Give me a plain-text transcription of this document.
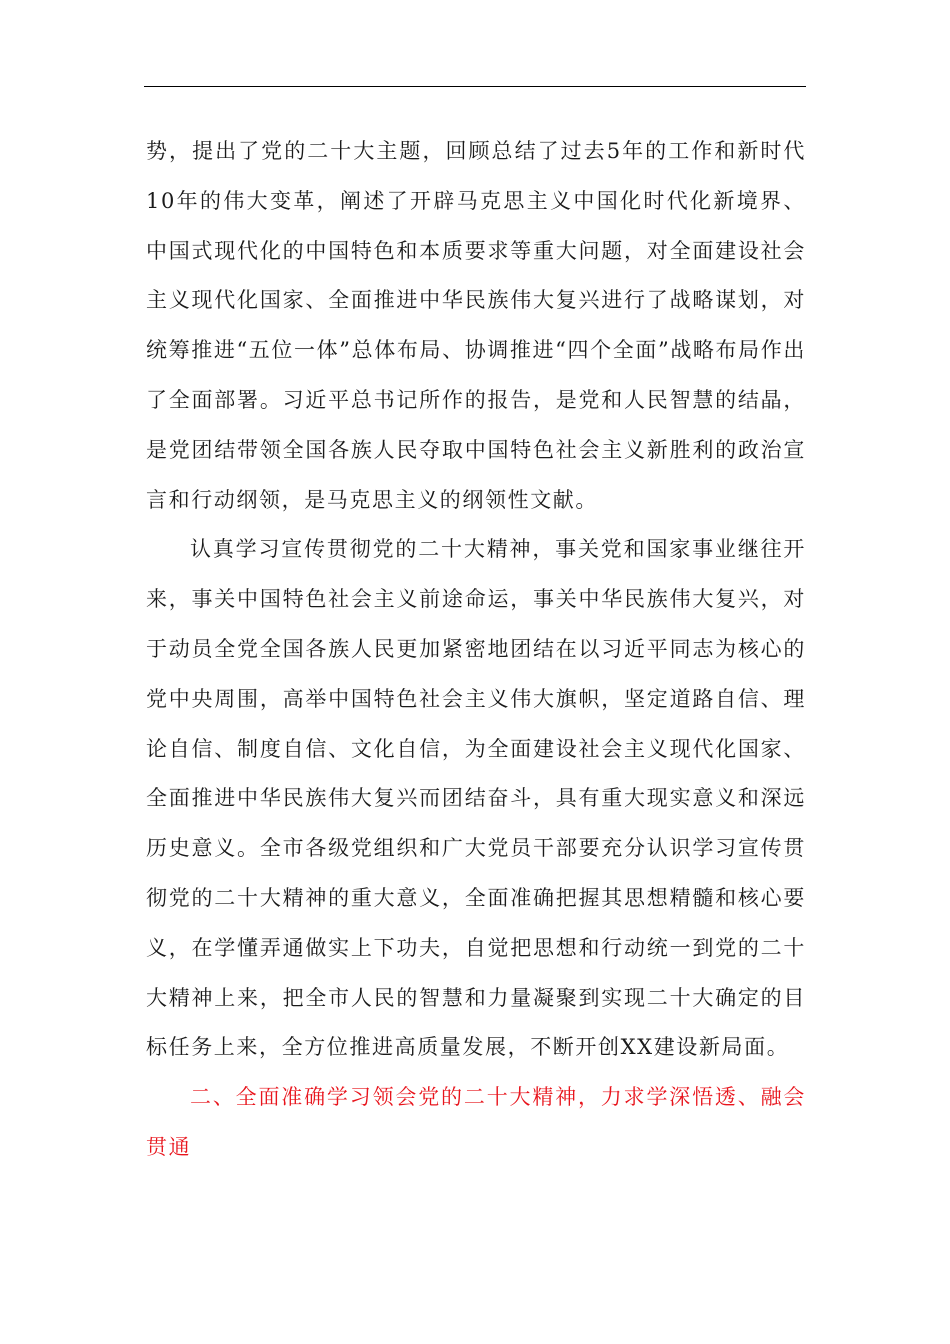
势，提出了党的二十大主题，回顾总结了过去5年的工作和新时代10年的伟大变革，阐述了开辟马克思主义中国化时代化新境界、中国式现代化的中国特色和本质要求等重大问题，对全面建设社会主义现代化国家、全面推进中华民族伟大复兴进行了战略谋划，对统筹推进“五位一体”总体布局、协调推进“四个全面”战略布局作出了全面部署。习近平总书记所作的报告，是党和人民智慧的结晶，是党团结带领全国各族人民夺取中国特色社会主义新胜利的政治宣言和行动纲领，是马克思主义的纲领性文献。

认真学习宣传贯彻党的二十大精神，事关党和国家事业继往开来，事关中国特色社会主义前途命运，事关中华民族伟大复兴，对于动员全党全国各族人民更加紧密地团结在以习近平同志为核心的党中央周围，高举中国特色社会主义伟大旗帜，坚定道路自信、理论自信、制度自信、文化自信，为全面建设社会主义现代化国家、全面推进中华民族伟大复兴而团结奋斗，具有重大现实意义和深远历史意义。全市各级党组织和广大党员干部要充分认识学习宣传贯彻党的二十大精神的重大意义，全面准确把握其思想精髓和核心要义，在学懂弄通做实上下功夫，自觉把思想和行动统一到党的二十大精神上来，把全市人民的智慧和力量凝聚到实现二十大确定的目标任务上来，全方位推进高质量发展，不断开创XX建设新局面。

二、全面准确学习领会党的二十大精神，力求学深悟透、融会贯通
